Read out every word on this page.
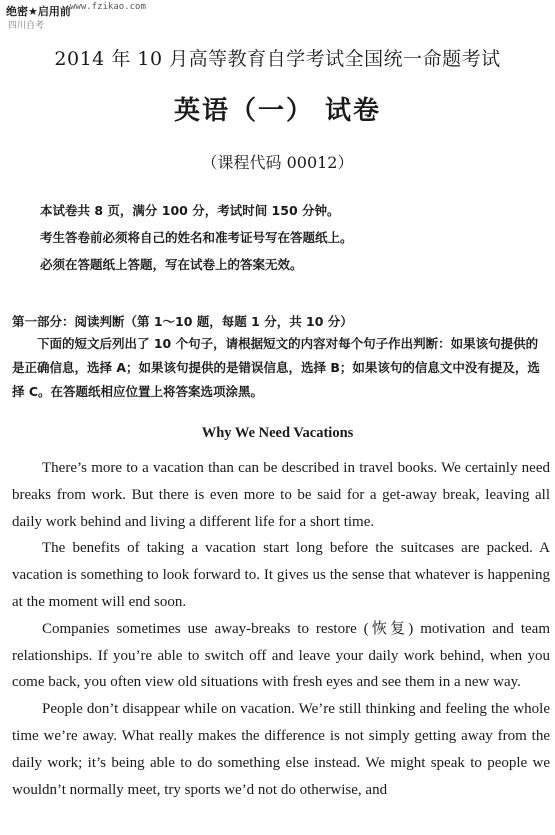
绝密★启用前 www.fzikao.com
四川自考
2014 年 10 月高等教育自学考试全国统一命题考试
英语（一） 试卷
（课程代码 00012）
本试卷共 8 页，满分 100 分，考试时间 150 分钟。
考生答卷前必须将自己的姓名和准考证号写在答题纸上。
必须在答题纸上答题，写在试卷上的答案无效。
第一部分：阅读判断（第 1～10 题，每题 1 分，共 10 分）
下面的短文后列出了 10 个句子，请根据短文的内容对每个句子作出判断：如果该句提供的是正确信息，选择 A；如果该句提供的是错误信息，选择 B；如果该句的信息文中没有提及，选择 C。在答题纸相应位置上将答案选项涂黑。
Why We Need Vacations

There’s more to a vacation than can be described in travel books. We certainly need breaks from work. But there is even more to be said for a get-away break, leaving all daily work behind and living a different life for a short time.

The benefits of taking a vacation start long before the suitcases are packed. A vacation is something to look forward to. It gives us the sense that whatever is happening at the moment will end soon.

Companies sometimes use away-breaks to restore (恢复) motivation and team relationships. If you’re able to switch off and leave your daily work behind, when you come back, you often view old situations with fresh eyes and see them in a new way.

People don’t disappear while on vacation. We’re still thinking and feeling the whole time we’re away. What really makes the difference is not simply getting away from the daily work; it’s being able to do something else instead. We might speak to people we wouldn’t normally meet, try sports we’d not do otherwise, and
